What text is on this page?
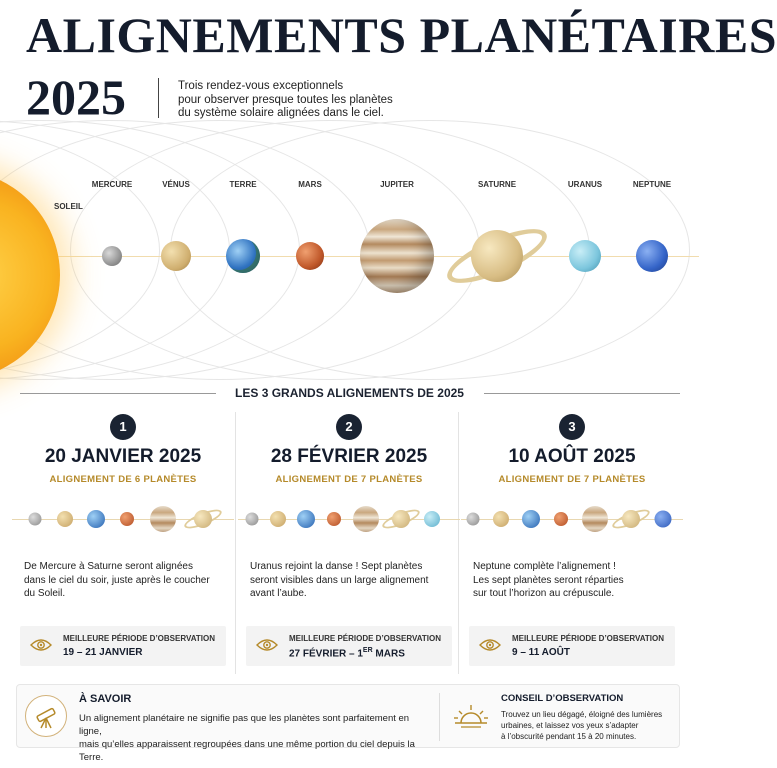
ALIGNEMENTS PLANÉTAIRES
2025	Trois rendez-vous exceptionnels
pour observer presque toutes les planètes
du système solaire alignées dans le ciel.
SOLEIL
MERCURE	VÉNUS	TERRE	MARS	JUPITER	SATURNE	URANUS	NEPTUNE
LES 3 GRANDS ALIGNEMENTS DE 2025
1
20 JANVIER 2025
ALIGNEMENT DE 6 PLANÈTES
De Mercure à Saturne seront alignées
dans le ciel du soir, juste après le coucher
du Soleil.
MEILLEURE PÉRIODE D’OBSERVATION
19 – 21 JANVIER
2
28 FÉVRIER 2025
ALIGNEMENT DE 7 PLANÈTES
Uranus rejoint la danse ! Sept planètes
seront visibles dans un large alignement
avant l’aube.
MEILLEURE PÉRIODE D’OBSERVATION
27 FÉVRIER – 1ER MARS
3
10 AOÛT 2025
ALIGNEMENT DE 7 PLANÈTES
Neptune complète l’alignement !
Les sept planètes seront réparties
sur tout l’horizon au crépuscule.
MEILLEURE PÉRIODE D’OBSERVATION
9 – 11 AOÛT
À SAVOIR
Un alignement planétaire ne signifie pas que les planètes sont parfaitement en ligne,
mais qu’elles apparaissent regroupées dans une même portion du ciel depuis la Terre.
CONSEIL D’OBSERVATION
Trouvez un lieu dégagé, éloigné des lumières
urbaines, et laissez vos yeux s’adapter
à l’obscurité pendant 15 à 20 minutes.
